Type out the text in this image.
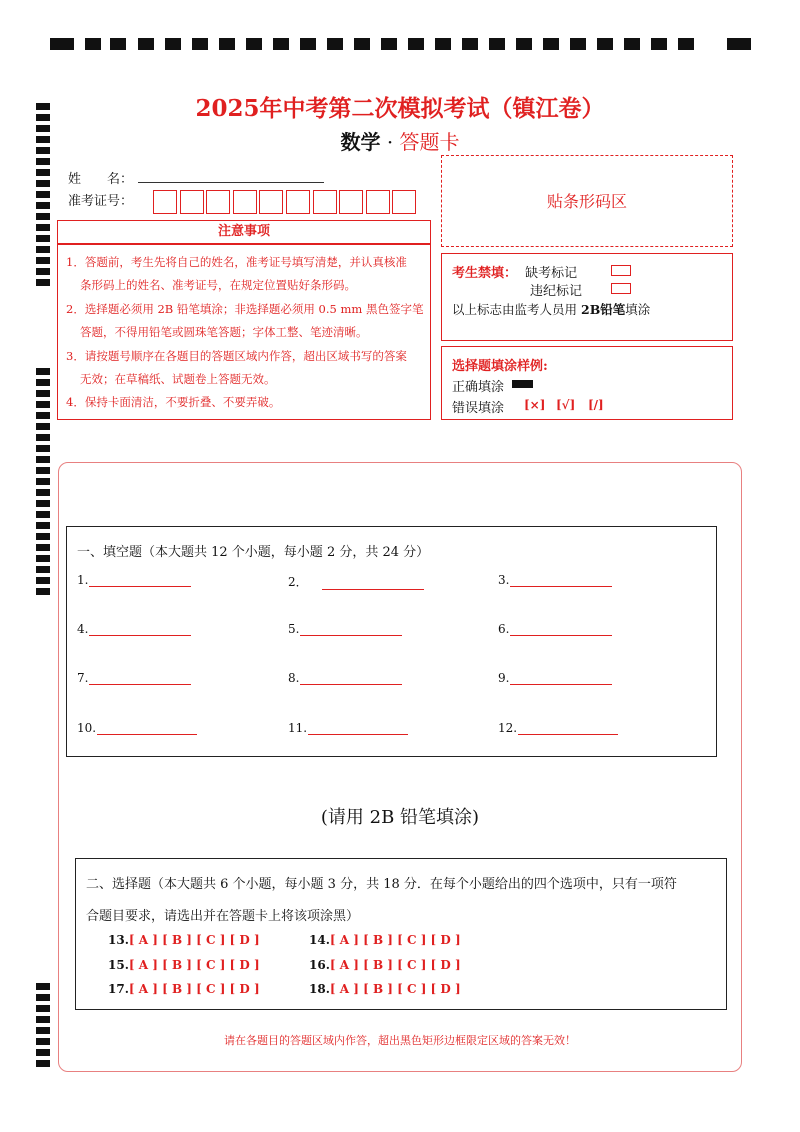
2025年中考第二次模拟考试（镇江卷）
数学 · 答题卡
姓　　名：
准考证号：	贴条形码区
注意事项
1．答题前，考生先将自己的姓名，准考证号填写清楚，并认真核准
条形码上的姓名、准考证号，在规定位置贴好条形码。
2．选择题必须用 2B 铅笔填涂；非选择题必须用 0.5 mm 黑色签字笔
答题，不得用铅笔或圆珠笔答题；字体工整、笔迹清晰。
3．请按题号顺序在各题目的答题区域内作答，超出区域书写的答案
无效；在草稿纸、试题卷上答题无效。
4．保持卡面清洁，不要折叠、不要弄破。
考生禁填： 缺考标记
违纪标记
以上标志由监考人员用 2B铅笔填涂
选择题填涂样例:
正确填涂
错误填涂 [×] [√] [/]
一、填空题（本大题共 12 个小题，每小题 2 分，共 24 分）
1.	2．	3.
4.	5.	6.
7.	8.	9.
10.	11.	12.
(请用 2B 铅笔填涂)
二、选择题（本大题共 6 个小题，每小题 3 分，共 18 分．在每个小题给出的四个选项中，只有一项符
合题目要求，请选出并在答题卡上将该项涂黑）
13.[ A ] [ B ] [ C ] [ D ]	14.[ A ] [ B ] [ C ] [ D ]
15.[ A ] [ B ] [ C ] [ D ]	16.[ A ] [ B ] [ C ] [ D ]
17.[ A ] [ B ] [ C ] [ D ]	18.[ A ] [ B ] [ C ] [ D ]
请在各题目的答题区域内作答，超出黑色矩形边框限定区域的答案无效！
